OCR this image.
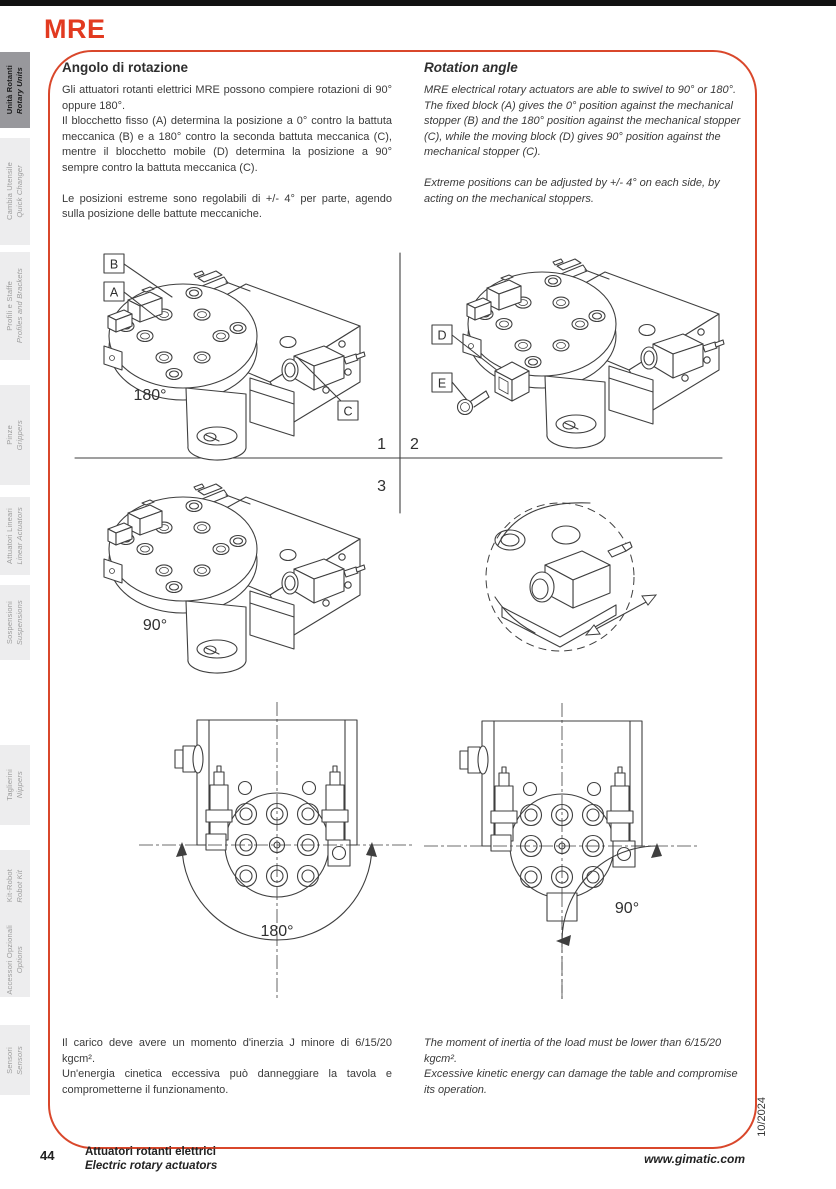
Unità Rotanti Rotary Units
Cambia Utensile Quick Changer
Profili e Staffe Profiles and Brackets
Pinze Grippers
Attuatori Lineari Linear Actuators
Sospensioni Suspensions
Taglierini Nippers
Kit-Robot Robot Kit
Accessori Opzionali Options
Sensori Sensors
MRE
Angolo di rotazione

Gli attuatori rotanti elettrici MRE possono compiere rotazioni di 90° oppure 180°.

Il blocchetto fisso (A) determina la posizione a 0° contro la battuta meccanica (B) e a 180° contro la seconda battuta meccanica (C), mentre il blocchetto mobile (D) determina la posizione a 90° sempre contro la battuta meccanica (C).

Le posizioni estreme sono regolabili di +/- 4° per parte, agendo sulla posizione delle battute meccaniche.

Rotation angle

MRE electrical rotary actuators are able to swivel to 90° or 180°.

The fixed block (A) gives the 0° position against the mechanical stopper (B) and the 180° position against the mechanical stopper (C), while the moving block (D) gives 90° position against the mechanical stopper (C).

Extreme positions can be adjusted by +/- 4° on each side, by acting on the mechanical stoppers.

B
A
C
180°
1
D
E
2
90°
3
180°
90°

Il carico deve avere un momento d'inerzia J minore di 6/15/20 kgcm².

Un'energia cinetica eccessiva può danneggiare la tavola e comprometterne il funzionamento.

The moment of inertia of the load must be lower than 6/15/20 kgcm².

Excessive kinetic energy can damage the table and compromise its operation.

44	Attuatori rotanti elettrici
Electric rotary actuators
www.gimatic.com
10/2024
